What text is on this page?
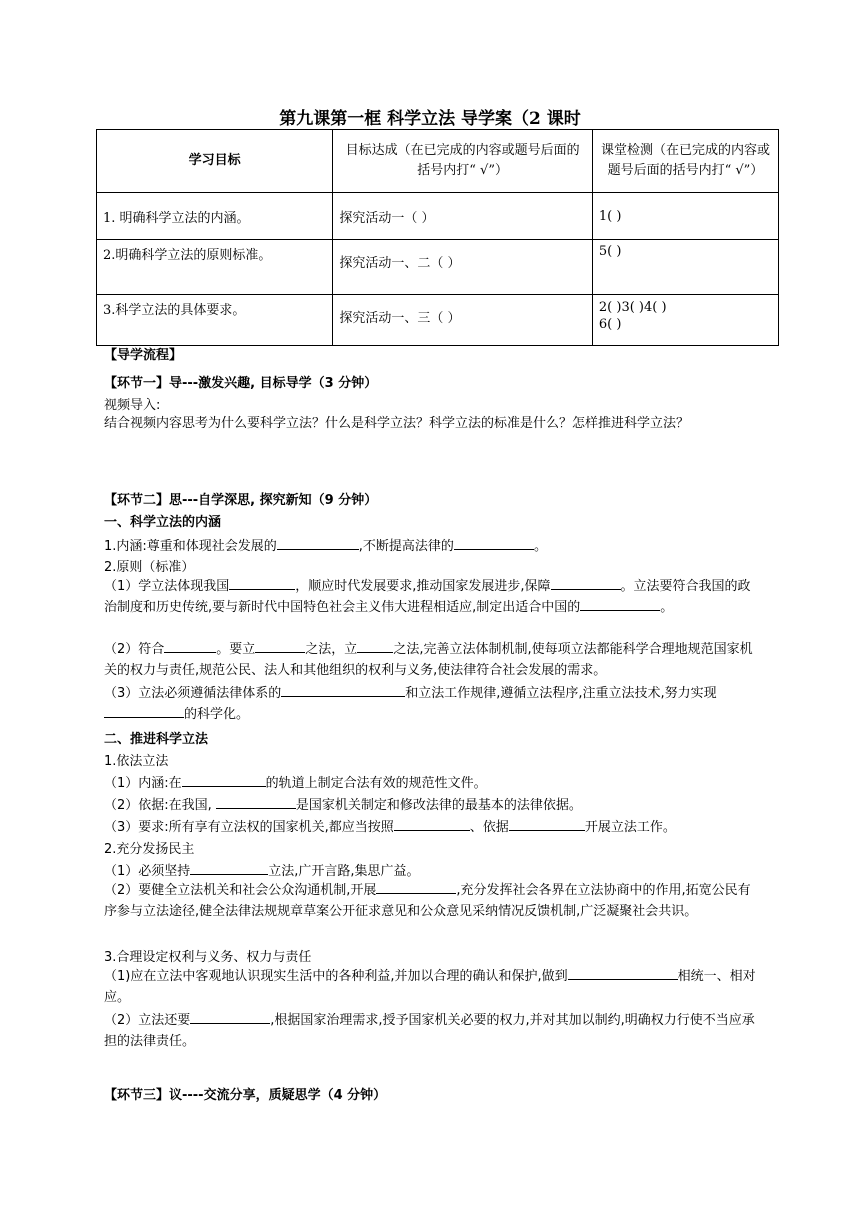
第九课第一框 科学立法 导学案（2 课时
学习目标	目标达成（在已完成的内容或题号后面的括号内打“ √”）	课堂检测（在已完成的内容或题号后面的括号内打“ √”）
1. 明确科学立法的内涵。	探究活动一（ ）	1( )
2.明确科学立法的原则标准。	探究活动一、二（ ）	5( )
3.科学立法的具体要求。	探究活动一、三（ ）	2( )3( )4( )
6( )
【导学流程】
【环节一】导---激发兴趣, 目标导学（3 分钟）
视频导入:
结合视频内容思考为什么要科学立法？什么是科学立法？科学立法的标准是什么？怎样推进科学立法？
【环节二】思---自学深思, 探究新知（9 分钟）
一、科学立法的内涵
1.内涵:尊重和体现社会发展的	,不断提高法律的	。
2.原则（标准）
（1）学立法体现我国	，顺应时代发展要求,推动国家发展进步,保障	。立法要符合我国的政治制度和历史传统,要与新时代中国特色社会主义伟大进程相适应,制定出适合中国的	。
（2）符合	。要立	之法，立	之法,完善立法体制机制,使每项立法都能科学合理地规范国家机关的权力与责任,规范公民、法人和其他组织的权利与义务,使法律符合社会发展的需求。
（3）立法必须遵循法律体系的	和立法工作规律,遵循立法程序,注重立法技术,努力实现的科学化。
二、推进科学立法
1.依法立法
（1）内涵:在	的轨道上制定合法有效的规范性文件。
（2）依据:在我国,	是国家机关制定和修改法律的最基本的法律依据。
（3）要求:所有享有立法权的国家机关,都应当按照	、依据	开展立法工作。
2.充分发扬民主
（1）必须坚持	立法,广开言路,集思广益。
（2）要健全立法机关和社会公众沟通机制,开展	,充分发挥社会各界在立法协商中的作用,拓宽公民有序参与立法途径,健全法律法规规章草案公开征求意见和公众意见采纳情况反馈机制,广泛凝聚社会共识。
3.合理设定权利与义务、权力与责任
（1)应在立法中客观地认识现实生活中的各种利益,并加以合理的确认和保护,做到	相统一、相对应。
（2）立法还要	,根据国家治理需求,授予国家机关必要的权力,并对其加以制约,明确权力行使不当应承担的法律责任。
【环节三】议----交流分享，质疑思学（4 分钟）
